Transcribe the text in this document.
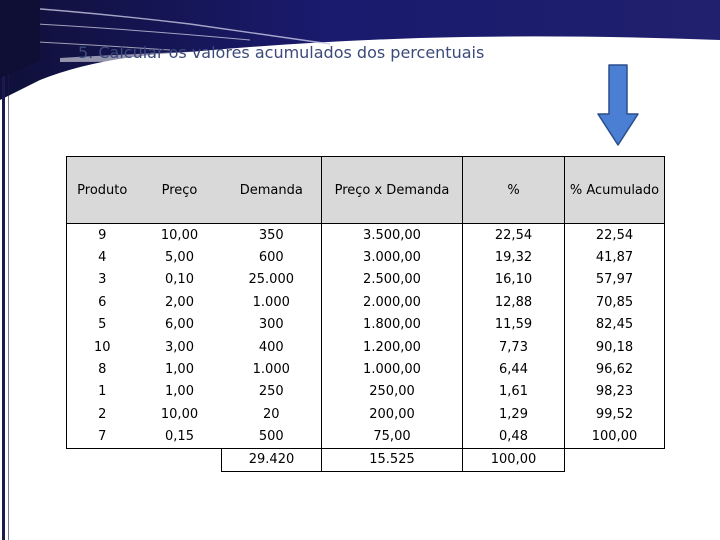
5. Calcular os valores acumulados dos percentuais
Produto	Preço	Demanda	Preço x Demanda	%	% Acumulado
9	10,00	350	3.500,00	22,54	22,54
4	5,00	600	3.000,00	19,32	41,87
3	0,10	25.000	2.500,00	16,10	57,97
6	2,00	1.000	2.000,00	12,88	70,85
5	6,00	300	1.800,00	11,59	82,45
10	3,00	400	1.200,00	7,73	90,18
8	1,00	1.000	1.000,00	6,44	96,62
1	1,00	250	250,00	1,61	98,23
2	10,00	20	200,00	1,29	99,52
7	0,15	500	75,00	0,48	100,00
		29.420	15.525	100,00	
